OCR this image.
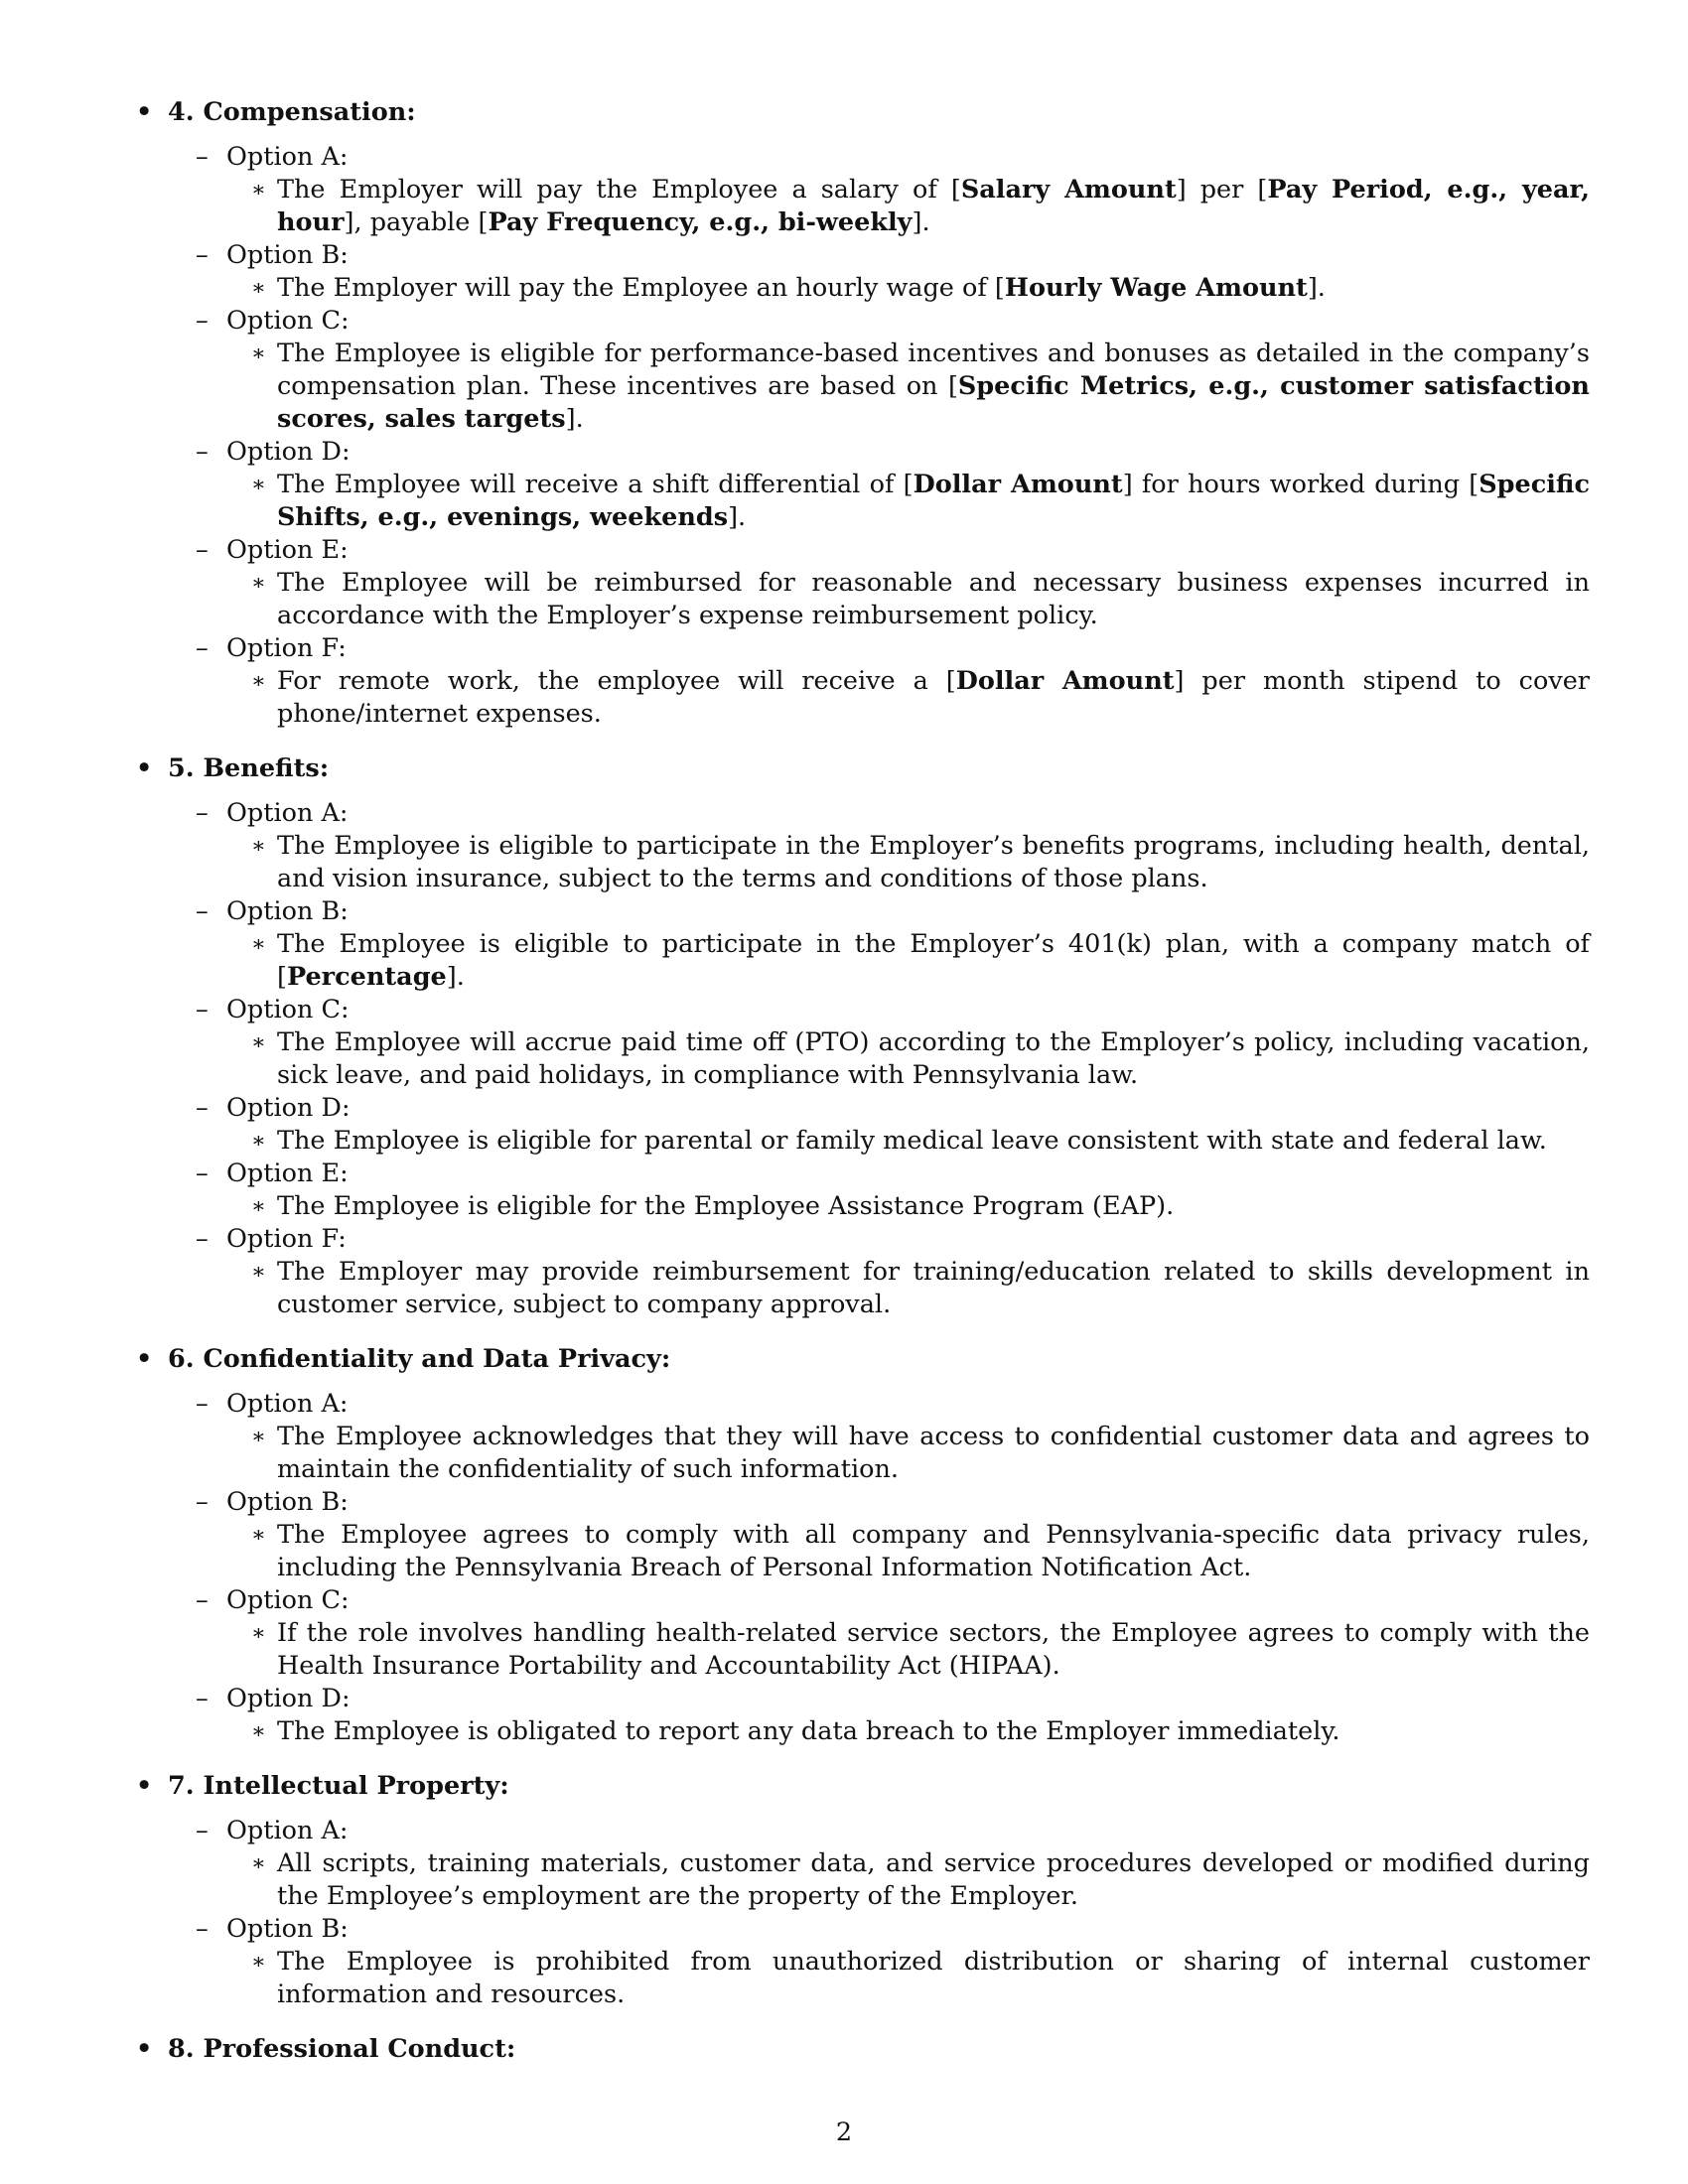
• 4. Compensation:
– Option A:
∗ The Employer will pay the Employee a salary of [Salary Amount] per [Pay Period, e.g., year, hour], payable [Pay Frequency, e.g., bi-weekly].
– Option B:
∗ The Employer will pay the Employee an hourly wage of [Hourly Wage Amount].
– Option C:
∗ The Employee is eligible for performance-based incentives and bonuses as detailed in the company’s compensation plan. These incentives are based on [Specific Metrics, e.g., customer satisfaction scores, sales targets].
– Option D:
∗ The Employee will receive a shift differential of [Dollar Amount] for hours worked during [Specific Shifts, e.g., evenings, weekends].
– Option E:
∗ The Employee will be reimbursed for reasonable and necessary business expenses incurred in accordance with the Employer’s expense reimbursement policy.
– Option F:
∗ For remote work, the employee will receive a [Dollar Amount] per month stipend to cover phone/internet expenses.
• 5. Benefits:
– Option A:
∗ The Employee is eligible to participate in the Employer’s benefits programs, including health, dental, and vision insurance, subject to the terms and conditions of those plans.
– Option B:
∗ The Employee is eligible to participate in the Employer’s 401(k) plan, with a company match of [Percentage].
– Option C:
∗ The Employee will accrue paid time off (PTO) according to the Employer’s policy, including vacation, sick leave, and paid holidays, in compliance with Pennsylvania law.
– Option D:
∗ The Employee is eligible for parental or family medical leave consistent with state and federal law.
– Option E:
∗ The Employee is eligible for the Employee Assistance Program (EAP).
– Option F:
∗ The Employer may provide reimbursement for training/education related to skills development in customer service, subject to company approval.
• 6. Confidentiality and Data Privacy:
– Option A:
∗ The Employee acknowledges that they will have access to confidential customer data and agrees to maintain the confidentiality of such information.
– Option B:
∗ The Employee agrees to comply with all company and Pennsylvania-specific data privacy rules, including the Pennsylvania Breach of Personal Information Notification Act.
– Option C:
∗ If the role involves handling health-related service sectors, the Employee agrees to comply with the Health Insurance Portability and Accountability Act (HIPAA).
– Option D:
∗ The Employee is obligated to report any data breach to the Employer immediately.
• 7. Intellectual Property:
– Option A:
∗ All scripts, training materials, customer data, and service procedures developed or modified during the Employee’s employment are the property of the Employer.
– Option B:
∗ The Employee is prohibited from unauthorized distribution or sharing of internal customer information and resources.
• 8. Professional Conduct:
2
